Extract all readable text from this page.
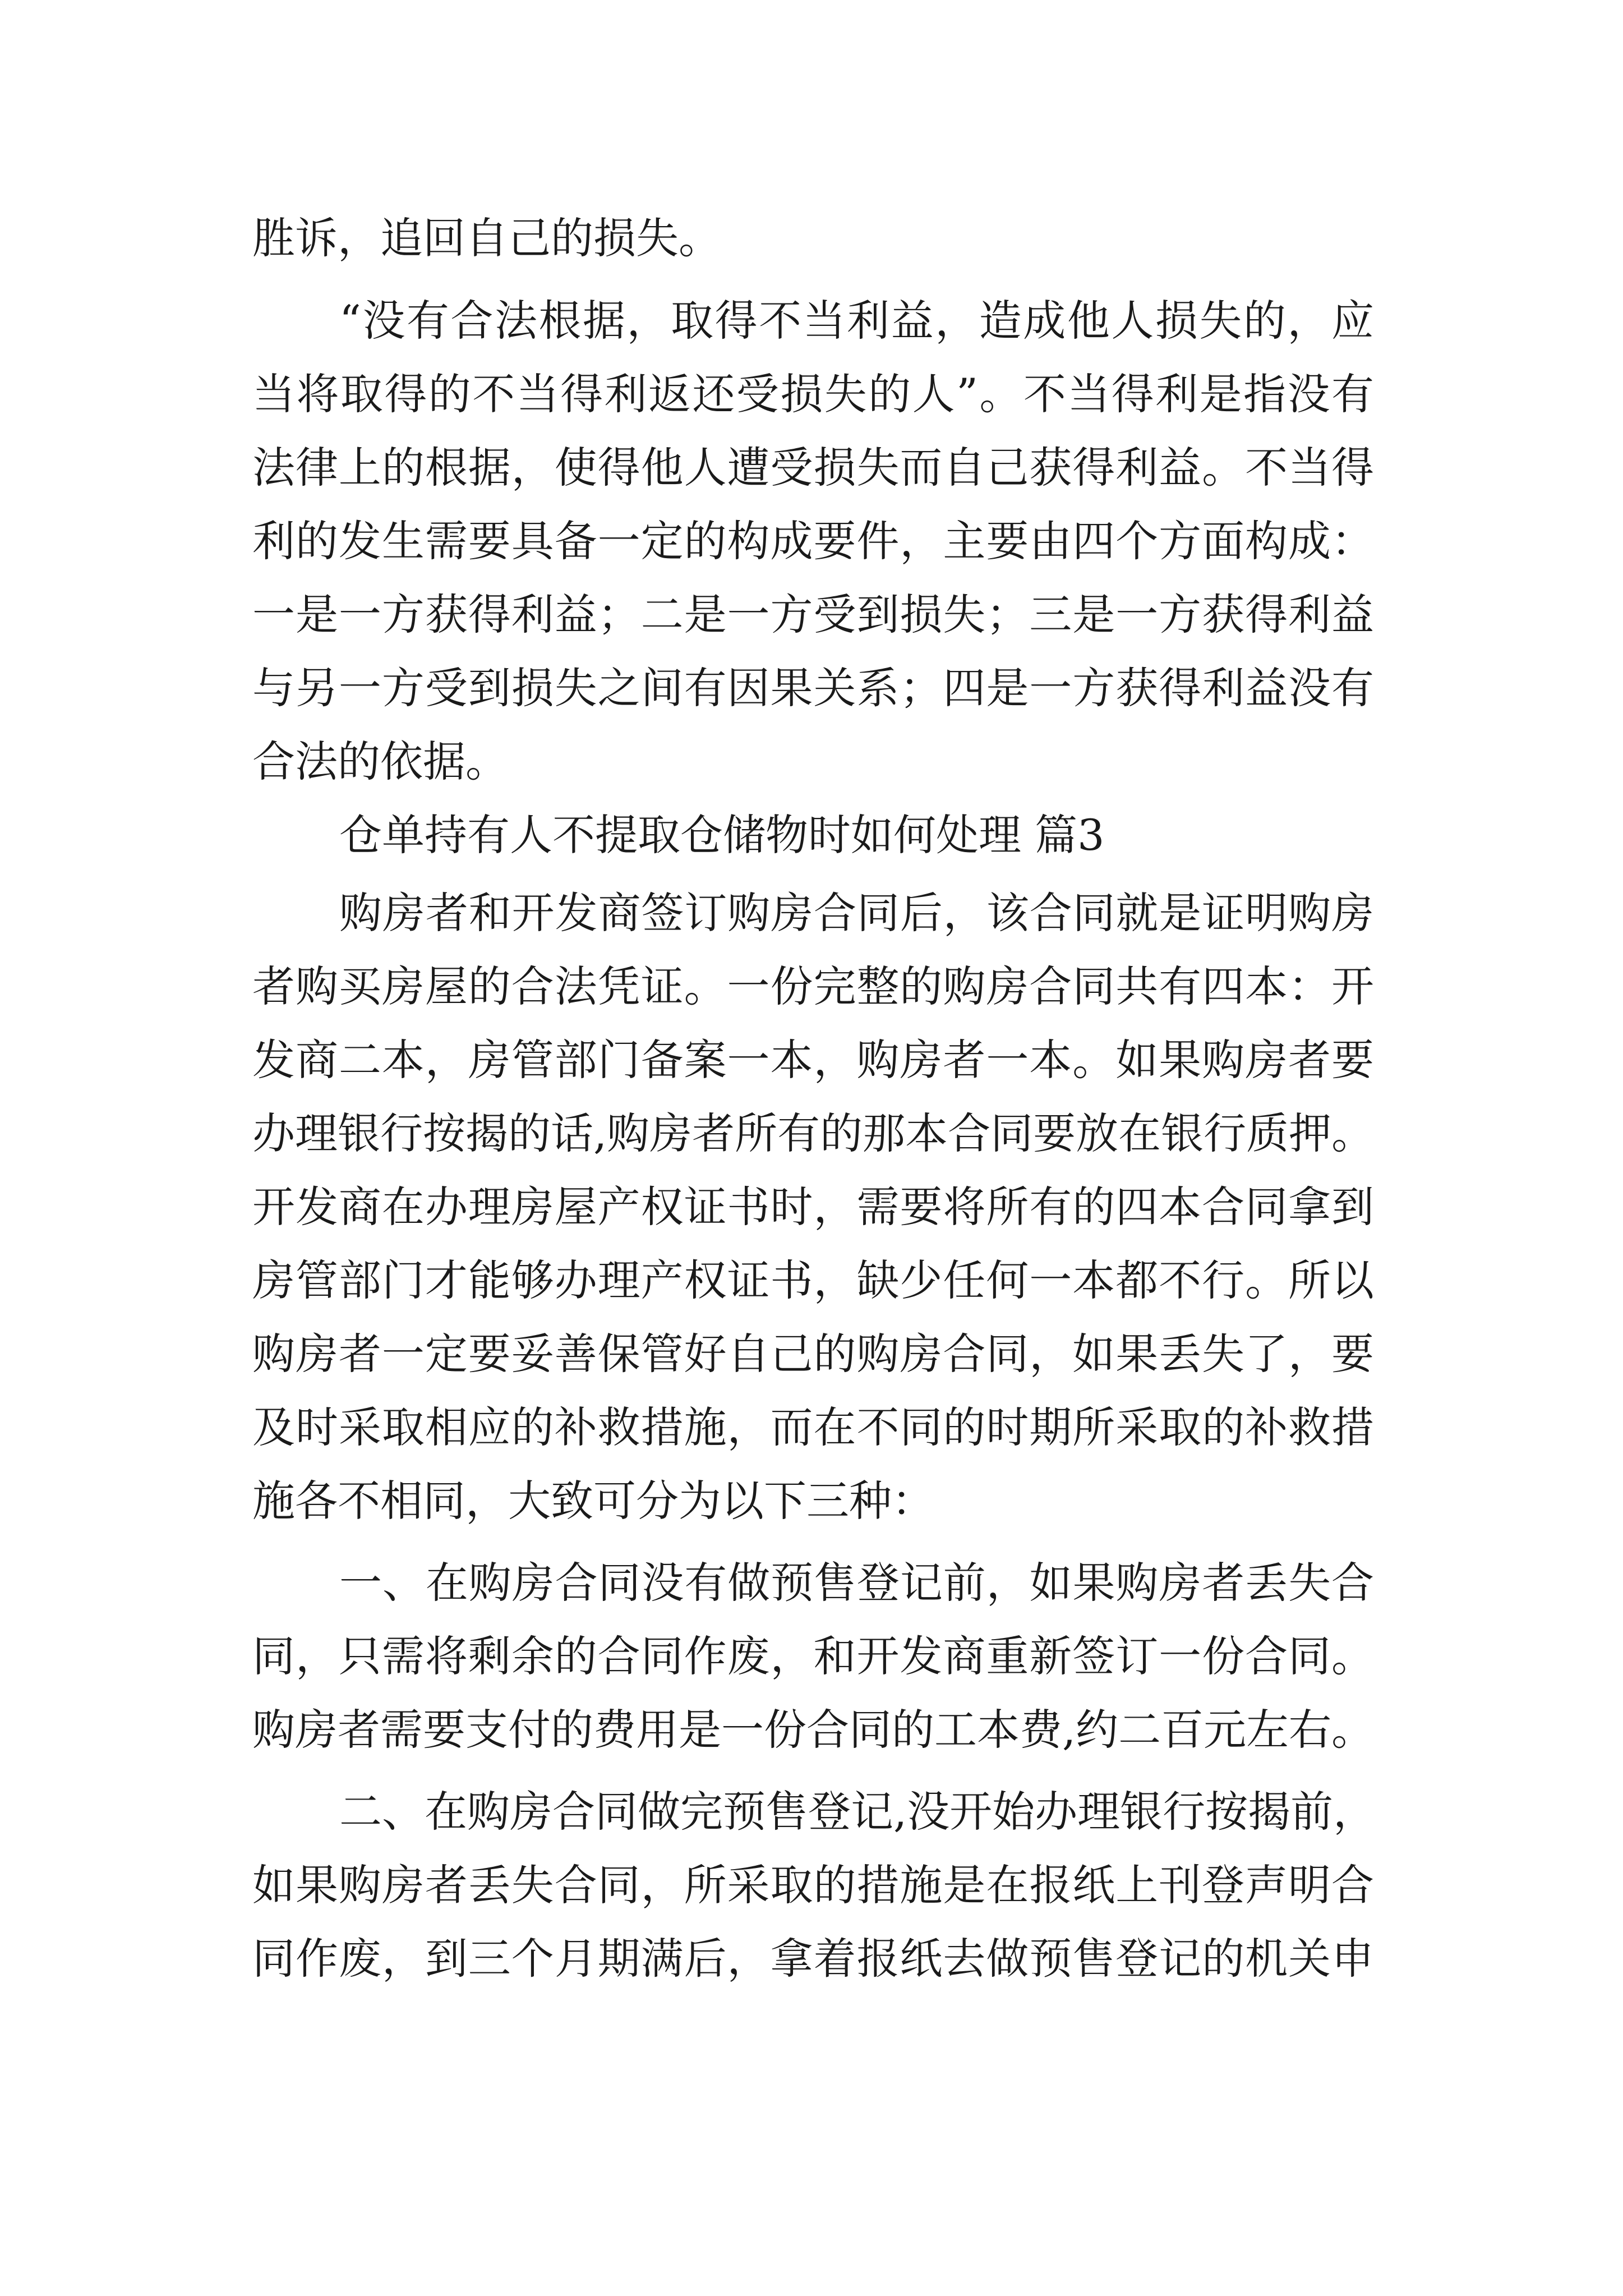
胜诉，追回自己的损失。
“没有合法根据，取得不当利益，造成他人损失的，应
当将取得的不当得利返还受损失的人”。不当得利是指没有
法律上的根据，使得他人遭受损失而自己获得利益。不当得
利的发生需要具备一定的构成要件，主要由四个方面构成：
一是一方获得利益；二是一方受到损失；三是一方获得利益
与另一方受到损失之间有因果关系；四是一方获得利益没有
合法的依据。
仓单持有人不提取仓储物时如何处理 篇3
购房者和开发商签订购房合同后，该合同就是证明购房
者购买房屋的合法凭证。一份完整的购房合同共有四本：开
发商二本，房管部门备案一本，购房者一本。如果购房者要
办理银行按揭的话,购房者所有的那本合同要放在银行质押。
开发商在办理房屋产权证书时，需要将所有的四本合同拿到
房管部门才能够办理产权证书，缺少任何一本都不行。所以
购房者一定要妥善保管好自己的购房合同，如果丢失了，要
及时采取相应的补救措施，而在不同的时期所采取的补救措
施各不相同，大致可分为以下三种：
一、在购房合同没有做预售登记前，如果购房者丢失合
同，只需将剩余的合同作废，和开发商重新签订一份合同。
购房者需要支付的费用是一份合同的工本费,约二百元左右。
二、在购房合同做完预售登记,没开始办理银行按揭前，
如果购房者丢失合同，所采取的措施是在报纸上刊登声明合
同作废，到三个月期满后，拿着报纸去做预售登记的机关申
